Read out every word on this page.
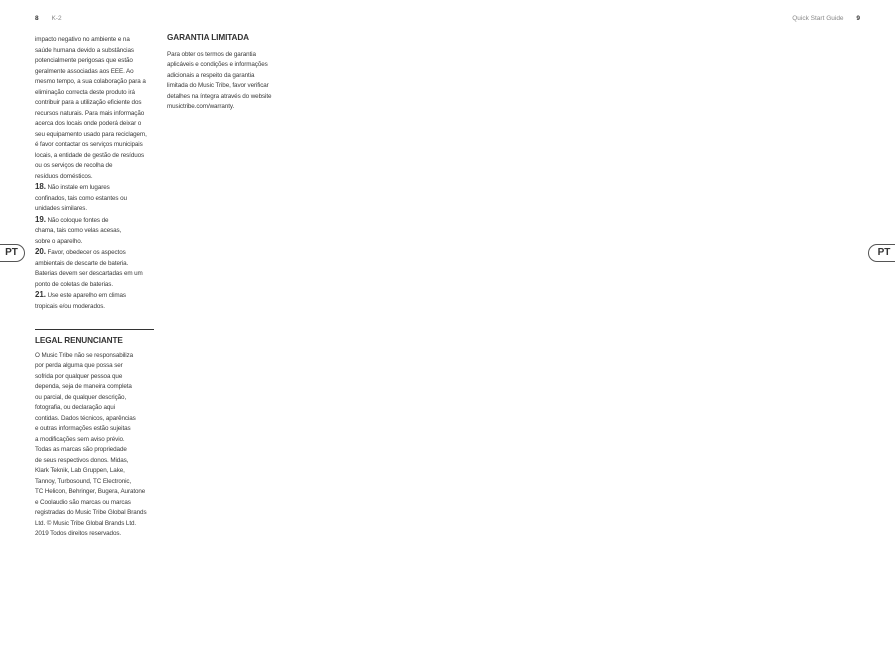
8 K-2	Quick Start Guide 9
PT	PT
impacto negativo no ambiente e na
saúde humana devido a substâncias
potencialmente perigosas que estão
geralmente associadas aos EEE. Ao
mesmo tempo, a sua colaboração para a
eliminação correcta deste produto irá
contribuir para a utilização eficiente dos
recursos naturais. Para mais informação
acerca dos locais onde poderá deixar o
seu equipamento usado para reciclagem,
é favor contactar os serviços municipais
locais, a entidade de gestão de resíduos
ou os serviços de recolha de
resíduos domésticos.
18. Não instale em lugares
confinados, tais como estantes ou
unidades similares.
19. Não coloque fontes de
chama, tais como velas acesas,
sobre o aparelho.
20. Favor, obedecer os aspectos
ambientais de descarte de bateria.
Baterias devem ser descartadas em um
ponto de coletas de baterias.
21. Use este aparelho em climas
tropicais e/ou moderados.
LEGAL RENUNCIANTE
O Music Tribe não se responsabiliza
por perda alguma que possa ser
sofrida por qualquer pessoa que
dependa, seja de maneira completa
ou parcial, de qualquer descrição,
fotografia, ou declaração aqui
contidas. Dados técnicos, aparências
e outras informações estão sujeitas
a modificações sem aviso prévio.
Todas as marcas são propriedade
de seus respectivos donos. Midas,
Klark Teknik, Lab Gruppen, Lake,
Tannoy, Turbosound, TC Electronic,
TC Helicon, Behringer, Bugera, Auratone
e Coolaudio são marcas ou marcas
registradas do Music Tribe Global Brands
Ltd. © Music Tribe Global Brands Ltd.
2019 Todos direitos reservados.
GARANTIA LIMITADA
Para obter os termos de garantia
aplicáveis e condições e informações
adicionais a respeito da garantia
limitada do Music Tribe, favor verificar
detalhes na íntegra através do website
musictribe.com/warranty.
